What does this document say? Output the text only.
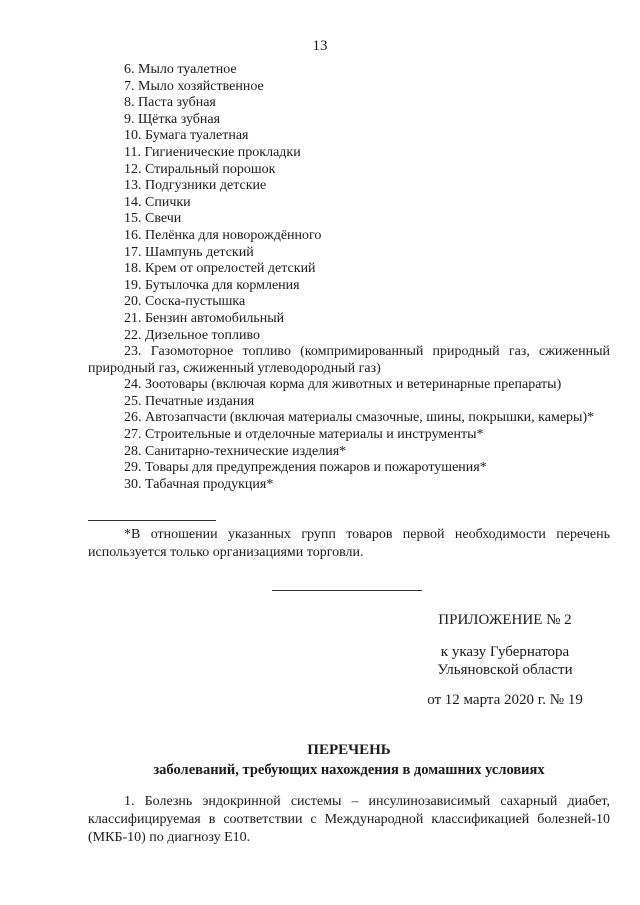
13

6. Мыло туалетное

7. Мыло хозяйственное

8. Паста зубная

9. Щётка зубная

10. Бумага туалетная

11. Гигиенические прокладки

12. Стиральный порошок

13. Подгузники детские

14. Спички

15. Свечи

16. Пелёнка для новорождённого

17. Шампунь детский

18. Крем от опрелостей детский

19. Бутылочка для кормления

20. Соска-пустышка

21. Бензин автомобильный

22. Дизельное топливо

23. Газомоторное топливо (компримированный природный газ, сжиженный природный газ, сжиженный углеводородный газ)

24. Зоотовары (включая корма для животных и ветеринарные препараты)

25. Печатные издания

26. Автозапчасти (включая материалы смазочные, шины, покрышки, камеры)*

27. Строительные и отделочные материалы и инструменты*

28. Санитарно-технические изделия*

29. Товары для предупреждения пожаров и пожаротушения*

30. Табачная продукция*

*В отношении указанных групп товаров первой необходимости перечень используется только организациями торговли.
ПРИЛОЖЕНИЕ № 2
к указу Губернатора
Ульяновской области
от 12 марта 2020 г. № 19
ПЕРЕЧЕНЬ
заболеваний, требующих нахождения в домашних условиях
1. Болезнь эндокринной системы – инсулинозависимый сахарный диабет, классифицируемая в соответствии с Международной классификацией болезней-10 (МКБ-10) по диагнозу Е10.
